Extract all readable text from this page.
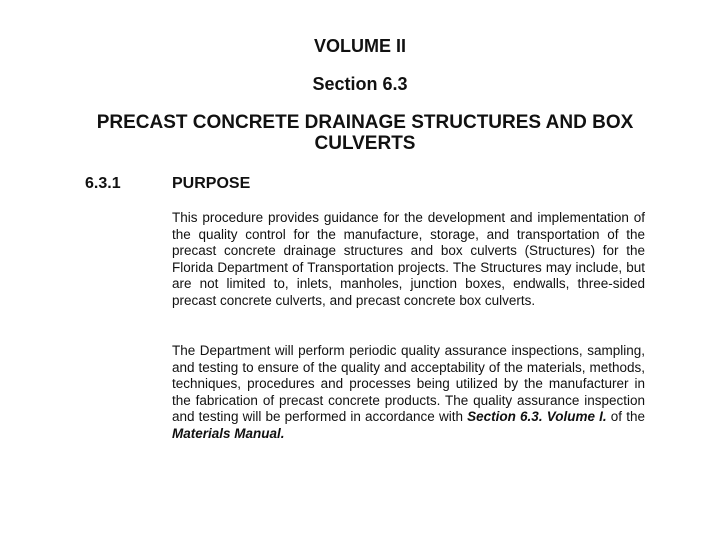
VOLUME II
Section 6.3
PRECAST CONCRETE DRAINAGE STRUCTURES AND BOX CULVERTS
6.3.1	PURPOSE

This procedure provides guidance for the development and implementation of the quality control for the manufacture, storage, and transportation of the precast concrete drainage structures and box culverts (Structures) for the Florida Department of Transportation projects. The Structures may include, but are not limited to, inlets, manholes, junction boxes, endwalls, three-sided precast concrete culverts, and precast concrete box culverts.

The Department will perform periodic quality assurance inspections, sampling, and testing to ensure of the quality and acceptability of the materials, methods, techniques, procedures and processes being utilized by the manufacturer in the fabrication of precast concrete products. The quality assurance inspection and testing will be performed in accordance with Section 6.3. Volume I. of the Materials Manual.
